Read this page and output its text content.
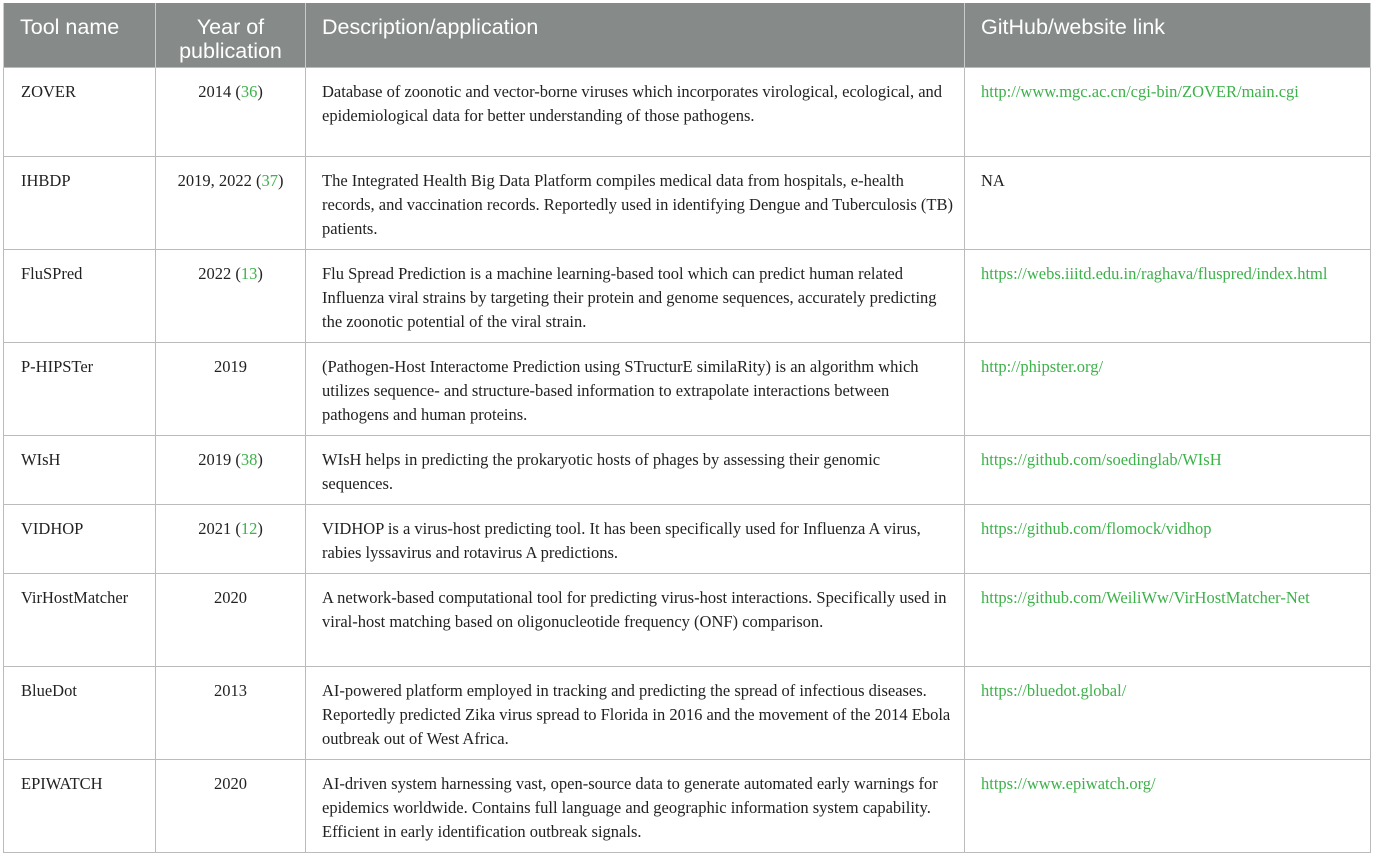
Tool name	Year of publication	Description/application	GitHub/website link
ZOVER	2014 (36)	Database of zoonotic and vector-borne viruses which incorporates virological, ecological, and epidemiological data for better understanding of those pathogens.	http://www.mgc.ac.cn/cgi-bin/ZOVER/main.cgi
IHBDP	2019, 2022 (37)	The Integrated Health Big Data Platform compiles medical data from hospitals, e-health records, and vaccination records. Reportedly used in identifying Dengue and Tuberculosis (TB) patients.	NA
FluSPred	2022 (13)	Flu Spread Prediction is a machine learning-based tool which can predict human related Influenza viral strains by targeting their protein and genome sequences, accurately predicting the zoonotic potential of the viral strain.	https://webs.iiitd.edu.in/raghava/fluspred/index.html
P-HIPSTer	2019	(Pathogen-Host Interactome Prediction using STructurE similaRity) is an algorithm which utilizes sequence- and structure-based information to extrapolate interactions between pathogens and human proteins.	http://phipster.org/
WIsH	2019 (38)	WIsH helps in predicting the prokaryotic hosts of phages by assessing their genomic sequences.	https://github.com/soedinglab/WIsH
VIDHOP	2021 (12)	VIDHOP is a virus-host predicting tool. It has been specifically used for Influenza A virus, rabies lyssavirus and rotavirus A predictions.	https://github.com/flomock/vidhop
VirHostMatcher	2020	A network-based computational tool for predicting virus-host interactions. Specifically used in viral-host matching based on oligonucleotide frequency (ONF) comparison.	https://github.com/WeiliWw/VirHostMatcher-Net
BlueDot	2013	AI-powered platform employed in tracking and predicting the spread of infectious diseases. Reportedly predicted Zika virus spread to Florida in 2016 and the movement of the 2014 Ebola outbreak out of West Africa.	https://bluedot.global/
EPIWATCH	2020	AI-driven system harnessing vast, open-source data to generate automated early warnings for epidemics worldwide. Contains full language and geographic information system capability. Efficient in early identification outbreak signals.	https://www.epiwatch.org/
